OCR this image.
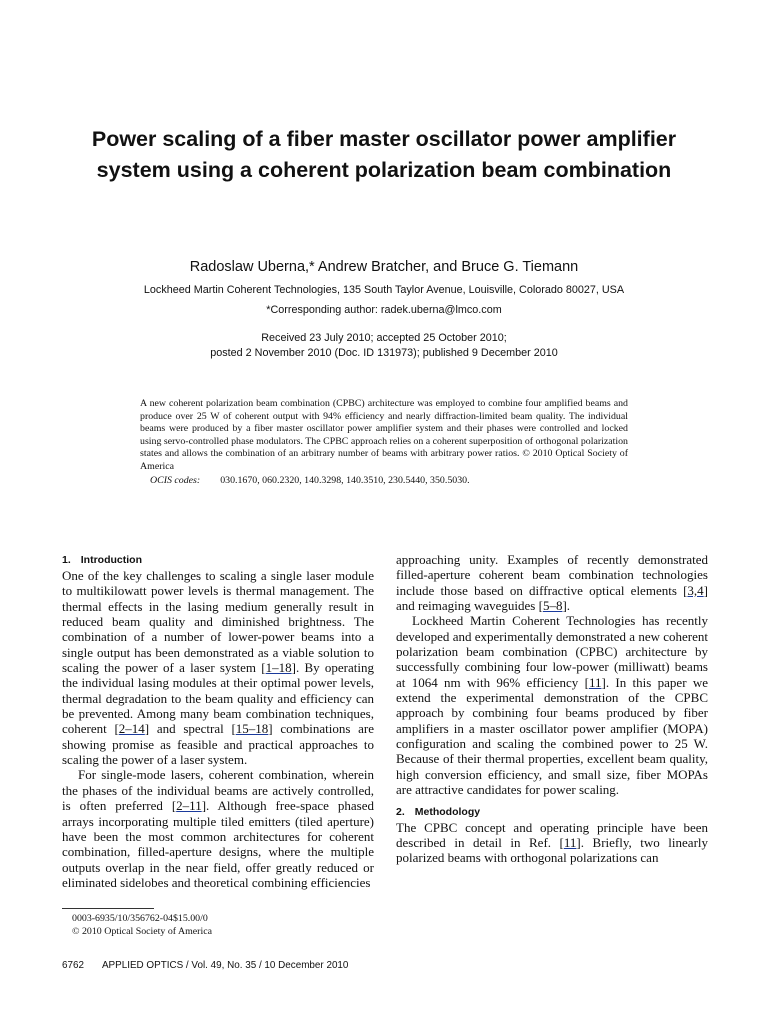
Power scaling of a fiber master oscillator power amplifier system using a coherent polarization beam combination

Radoslaw Uberna,* Andrew Bratcher, and Bruce G. Tiemann

Lockheed Martin Coherent Technologies, 135 South Taylor Avenue, Louisville, Colorado 80027, USA

*Corresponding author: radek.uberna@lmco.com

Received 23 July 2010; accepted 25 October 2010;
posted 2 November 2010 (Doc. ID 131973); published 9 December 2010

A new coherent polarization beam combination (CPBC) architecture was employed to combine four amplified beams and produce over 25 W of coherent output with 94% efficiency and nearly diffraction-limited beam quality. The individual beams were produced by a fiber master oscillator power amplifier system and their phases were controlled and locked using servo-controlled phase modulators. The CPBC approach relies on a coherent superposition of orthogonal polarization states and allows the combination of an arbitrary number of beams with arbitrary power ratios. © 2010 Optical Society of America

OCIS codes: 030.1670, 060.2320, 140.3298, 140.3510, 230.5440, 350.5030.

1. Introduction

One of the key challenges to scaling a single laser module to multikilowatt power levels is thermal management. The thermal effects in the lasing medium generally result in reduced beam quality and diminished brightness. The combination of a number of lower-power beams into a single output has been demonstrated as a viable solution to scaling the power of a laser system [1–18]. By operating the individual lasing modules at their optimal power levels, thermal degradation to the beam quality and efficiency can be prevented. Among many beam combination techniques, coherent [2–14] and spectral [15–18] combinations are showing promise as feasible and practical approaches to scaling the power of a laser system.

For single-mode lasers, coherent combination, wherein the phases of the individual beams are actively controlled, is often preferred [2–11]. Although free-space phased arrays incorporating multiple tiled emitters (tiled aperture) have been the most common architectures for coherent combination, filled-aperture designs, where the multiple outputs overlap in the near field, offer greatly reduced or eliminated sidelobes and theoretical combining efficiencies

approaching unity. Examples of recently demonstrated filled-aperture coherent beam combination technologies include those based on diffractive optical elements [3,4] and reimaging waveguides [5–8].

Lockheed Martin Coherent Technologies has recently developed and experimentally demonstrated a new coherent polarization beam combination (CPBC) architecture by successfully combining four low-power (milliwatt) beams at 1064 nm with 96% efficiency [11]. In this paper we extend the experimental demonstration of the CPBC approach by combining four beams produced by fiber amplifiers in a master oscillator power amplifier (MOPA) configuration and scaling the combined power to 25 W. Because of their thermal properties, excellent beam quality, high conversion efficiency, and small size, fiber MOPAs are attractive candidates for power scaling.

2. Methodology

The CPBC concept and operating principle have been described in detail in Ref. [11]. Briefly, two linearly polarized beams with orthogonal polarizations can

0003-6935/10/356762-04$15.00/0
© 2010 Optical Society of America

6762 APPLIED OPTICS / Vol. 49, No. 35 / 10 December 2010
